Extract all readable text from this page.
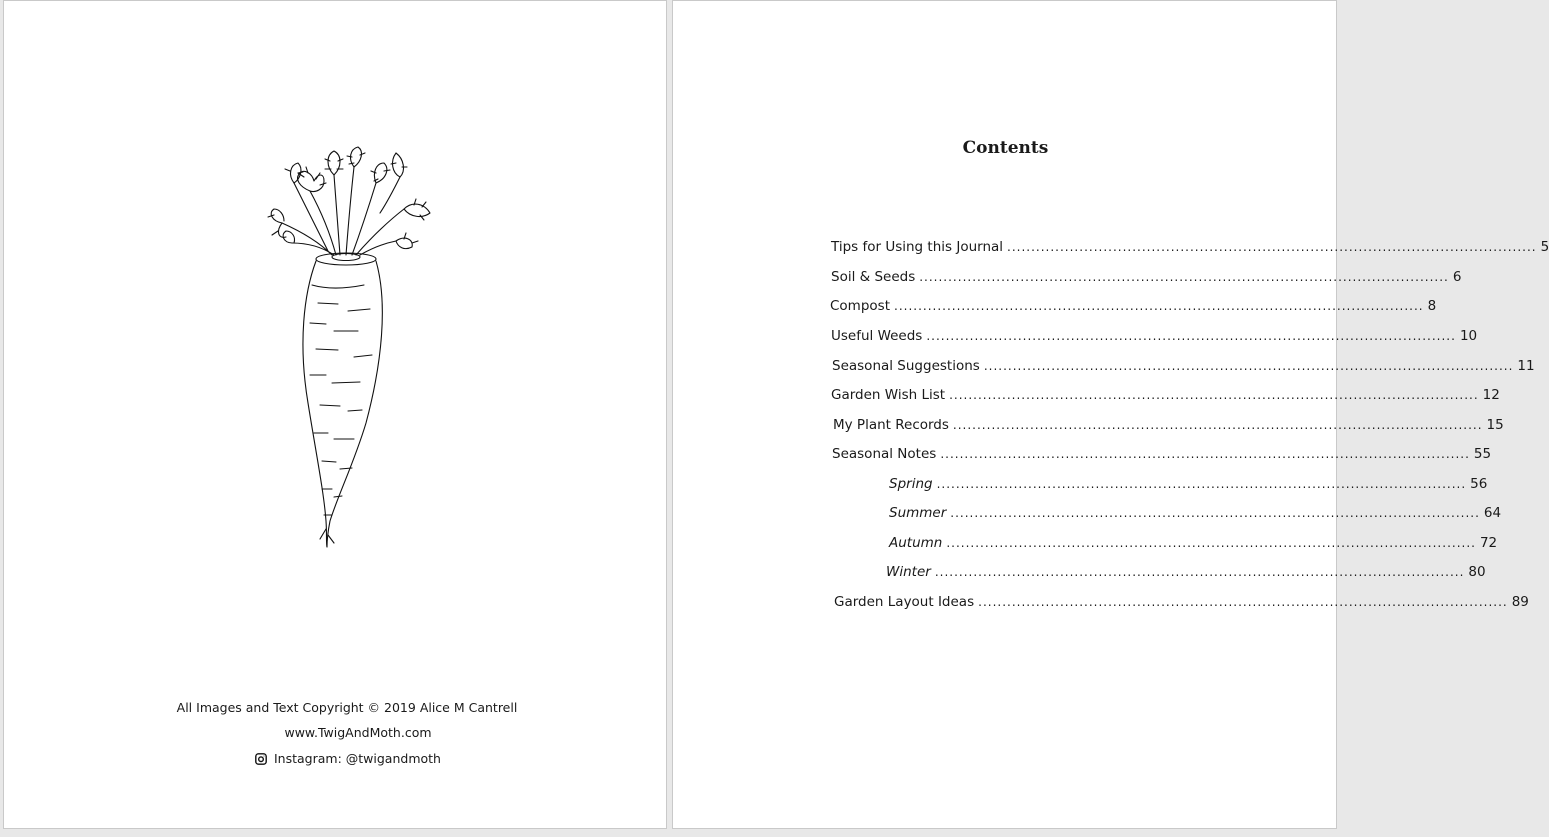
All Images and Text Copyright © 2019 Alice M Cantrell
www.TwigAndMoth.com
Instagram: @twigandmoth
Contents
Tips for Using this Journal .............................................................................................................. 5
Soil & Seeds .............................................................................................................. 6
Compost .............................................................................................................. 8
Useful Weeds .............................................................................................................. 10
Seasonal Suggestions .............................................................................................................. 11
Garden Wish List .............................................................................................................. 12
My Plant Records .............................................................................................................. 15
Seasonal Notes .............................................................................................................. 55
Spring .............................................................................................................. 56
Summer .............................................................................................................. 64
Autumn .............................................................................................................. 72
Winter .............................................................................................................. 80
Garden Layout Ideas .............................................................................................................. 89
